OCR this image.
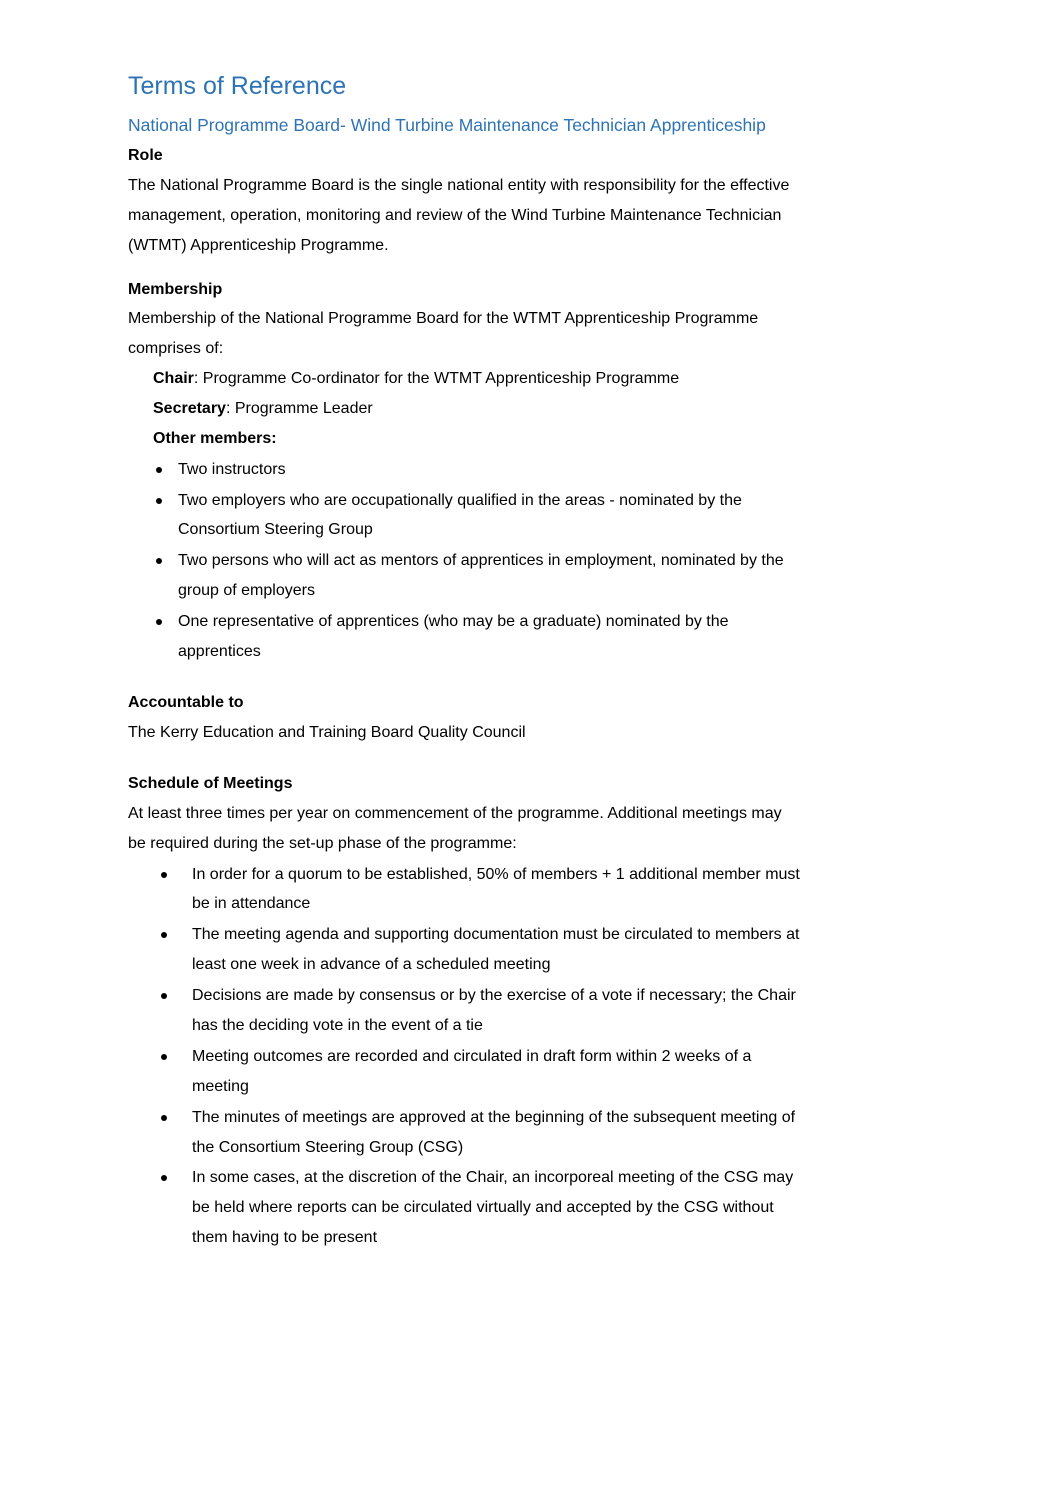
Terms of Reference
National Programme Board- Wind Turbine Maintenance Technician Apprenticeship
Role
The National Programme Board is the single national entity with responsibility for the effective
management, operation, monitoring and review of the Wind Turbine Maintenance Technician
(WTMT) Apprenticeship Programme.
Membership
Membership of the National Programme Board for the WTMT Apprenticeship Programme
comprises of:
Chair: Programme Co-ordinator for the WTMT Apprenticeship Programme
Secretary: Programme Leader
Other members:
Two instructors
Two employers who are occupationally qualified in the areas - nominated by the
Consortium Steering Group
Two persons who will act as mentors of apprentices in employment, nominated by the
group of employers
One representative of apprentices (who may be a graduate) nominated by the
apprentices
Accountable to
The Kerry Education and Training Board Quality Council
Schedule of Meetings
At least three times per year on commencement of the programme. Additional meetings may
be required during the set-up phase of the programme:
In order for a quorum to be established, 50% of members + 1 additional member must
be in attendance
The meeting agenda and supporting documentation must be circulated to members at
least one week in advance of a scheduled meeting
Decisions are made by consensus or by the exercise of a vote if necessary; the Chair
has the deciding vote in the event of a tie
Meeting outcomes are recorded and circulated in draft form within 2 weeks of a
meeting
The minutes of meetings are approved at the beginning of the subsequent meeting of
the Consortium Steering Group (CSG)
In some cases, at the discretion of the Chair, an incorporeal meeting of the CSG may
be held where reports can be circulated virtually and accepted by the CSG without
them having to be present
